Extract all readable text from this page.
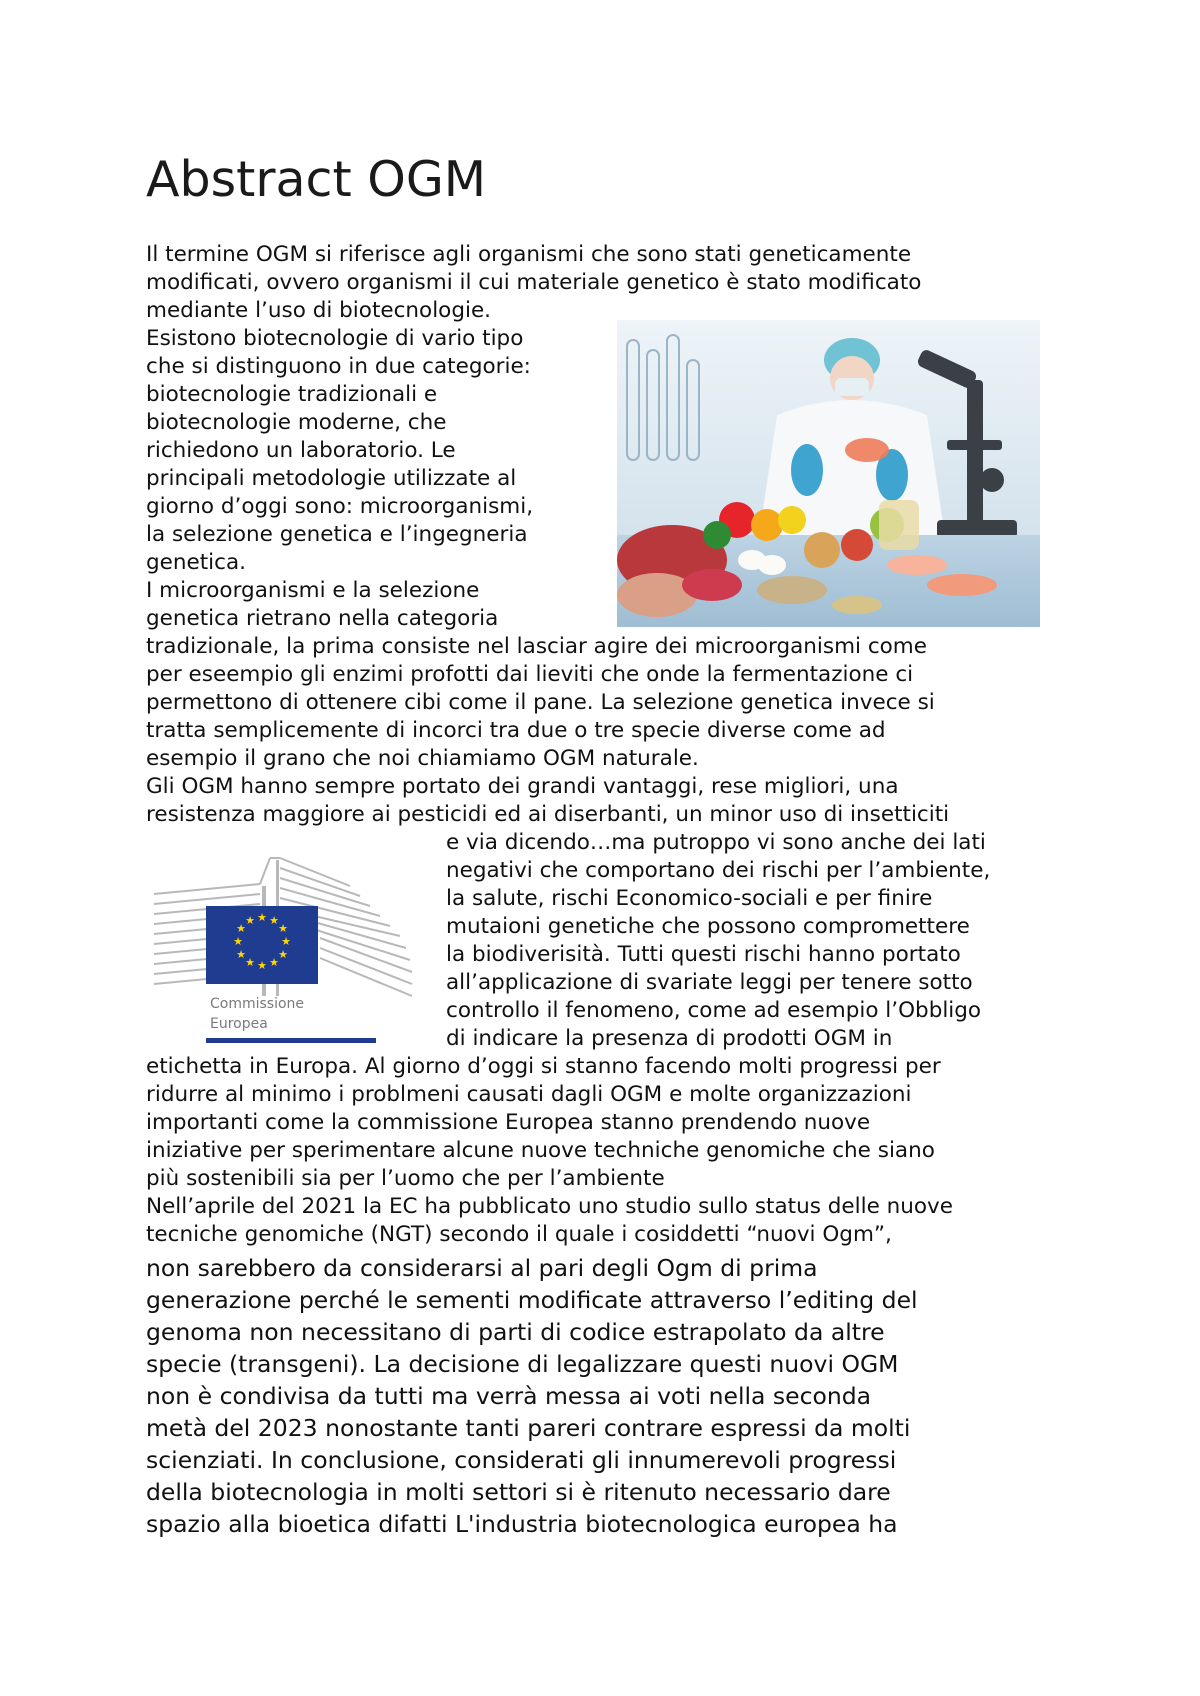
Abstract OGM
Il termine OGM si riferisce agli organismi che sono stati geneticamente
modificati, ovvero organismi il cui materiale genetico è stato modificato
mediante l’uso di biotecnologie.
Esistono biotecnologie di vario tipo
che si distinguono in due categorie:
biotecnologie tradizionali e
biotecnologie moderne, che
richiedono un laboratorio. Le
principali metodologie utilizzate al
giorno d’oggi sono: microorganismi,
la selezione genetica e l’ingegneria
genetica.
I microorganismi e la selezione
genetica rietrano nella categoria
tradizionale, la prima consiste nel lasciar agire dei microorganismi come
per eseempio gli enzimi profotti dai lieviti che onde la fermentazione ci
permettono di ottenere cibi come il pane. La selezione genetica invece si
tratta semplicemente di incorci tra due o tre specie diverse come ad
esempio il grano che noi chiamiamo OGM naturale.
Gli OGM hanno sempre portato dei grandi vantaggi, rese migliori, una
resistenza maggiore ai pesticidi ed ai diserbanti, un minor uso di insetticiti
e via dicendo…ma putroppo vi sono anche dei lati
negativi che comportano dei rischi per l’ambiente,
la salute, rischi Economico-sociali e per finire
mutaioni genetiche che possono compromettere
la biodiverisità. Tutti questi rischi hanno portato
all’applicazione di svariate leggi per tenere sotto
controllo il fenomeno, come ad esempio l’Obbligo
di indicare la presenza di prodotti OGM in
etichetta in Europa. Al giorno d’oggi si stanno facendo molti progressi per
ridurre al minimo i problmeni causati dagli OGM e molte organizzazioni
importanti come la commissione Europea stanno prendendo nuove
iniziative per sperimentare alcune nuove techniche genomiche che siano
più sostenibili sia per l’uomo che per l’ambiente
Nell’aprile del 2021 la EC ha pubblicato uno studio sullo status delle nuove
tecniche genomiche (NGT) secondo il quale i cosiddetti “nuovi Ogm”,
non sarebbero da considerarsi al pari degli Ogm di prima
generazione perché le sementi modificate attraverso l’editing del
genoma non necessitano di parti di codice estrapolato da altre
specie (transgeni). La decisione di legalizzare questi nuovi OGM
non è condivisa da tutti ma verrà messa ai voti nella seconda
metà del 2023 nonostante tanti pareri contrare espressi da molti
scienziati. In conclusione, considerati gli innumerevoli progressi
della biotecnologia in molti settori si è ritenuto necessario dare
spazio alla bioetica difatti L'industria biotecnologica europea ha
★ ★
★
★
★
★
★
★
★
★
★
★
Commissione
Europea
